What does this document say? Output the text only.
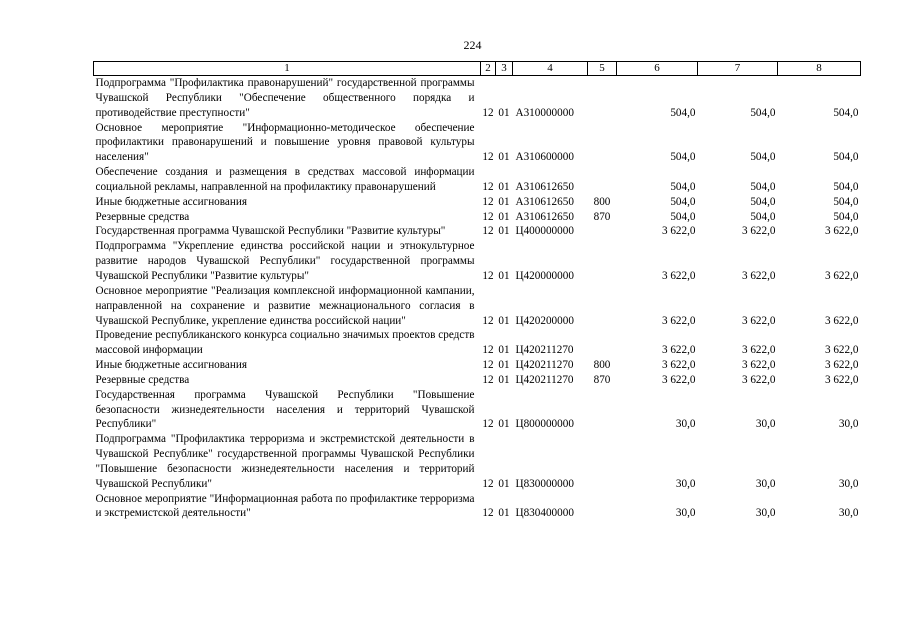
224
1	2	3	4	5	6	7	8
Подпрограмма "Профилактика правонарушений" государственной программы Чувашской Республики "Обеспечение общественного порядка и противодействие преступности"	12	01	А310000000		504,0	504,0	504,0
Основное мероприятие "Информационно-методическое обеспечение профилактики правонарушений и повышение уровня правовой культуры населения"	12	01	А310600000		504,0	504,0	504,0
Обеспечение создания и размещения в средствах массовой информации социальной рекламы, направленной на профилактику правонарушений	12	01	А310612650		504,0	504,0	504,0
Иные бюджетные ассигнования	12	01	А310612650	800	504,0	504,0	504,0
Резервные средства	12	01	А310612650	870	504,0	504,0	504,0
Государственная программа Чувашской Республики "Развитие культуры"	12	01	Ц400000000		3 622,0	3 622,0	3 622,0
Подпрограмма "Укрепление единства российской нации и этнокультурное развитие народов Чувашской Республики" государственной программы Чувашской Республики "Развитие культуры"	12	01	Ц420000000		3 622,0	3 622,0	3 622,0
Основное мероприятие "Реализация комплексной информационной кампании, направленной на сохранение и развитие межнационального согласия в Чувашской Республике, укрепление единства российской нации"	12	01	Ц420200000		3 622,0	3 622,0	3 622,0
Проведение республиканского конкурса социально значимых проектов средств массовой информации	12	01	Ц420211270		3 622,0	3 622,0	3 622,0
Иные бюджетные ассигнования	12	01	Ц420211270	800	3 622,0	3 622,0	3 622,0
Резервные средства	12	01	Ц420211270	870	3 622,0	3 622,0	3 622,0
Государственная программа Чувашской Республики "Повышение безопасности жизнедеятельности населения и территорий Чувашской Республики"	12	01	Ц800000000		30,0	30,0	30,0
Подпрограмма "Профилактика терроризма и экстремистской деятельности в Чувашской Республике" государственной программы Чувашской Республики "Повышение безопасности жизнедеятельности населения и территорий Чувашской Республики"	12	01	Ц830000000		30,0	30,0	30,0
Основное мероприятие "Информационная работа по профилактике терроризма и экстремистской деятельности"	12	01	Ц830400000		30,0	30,0	30,0
